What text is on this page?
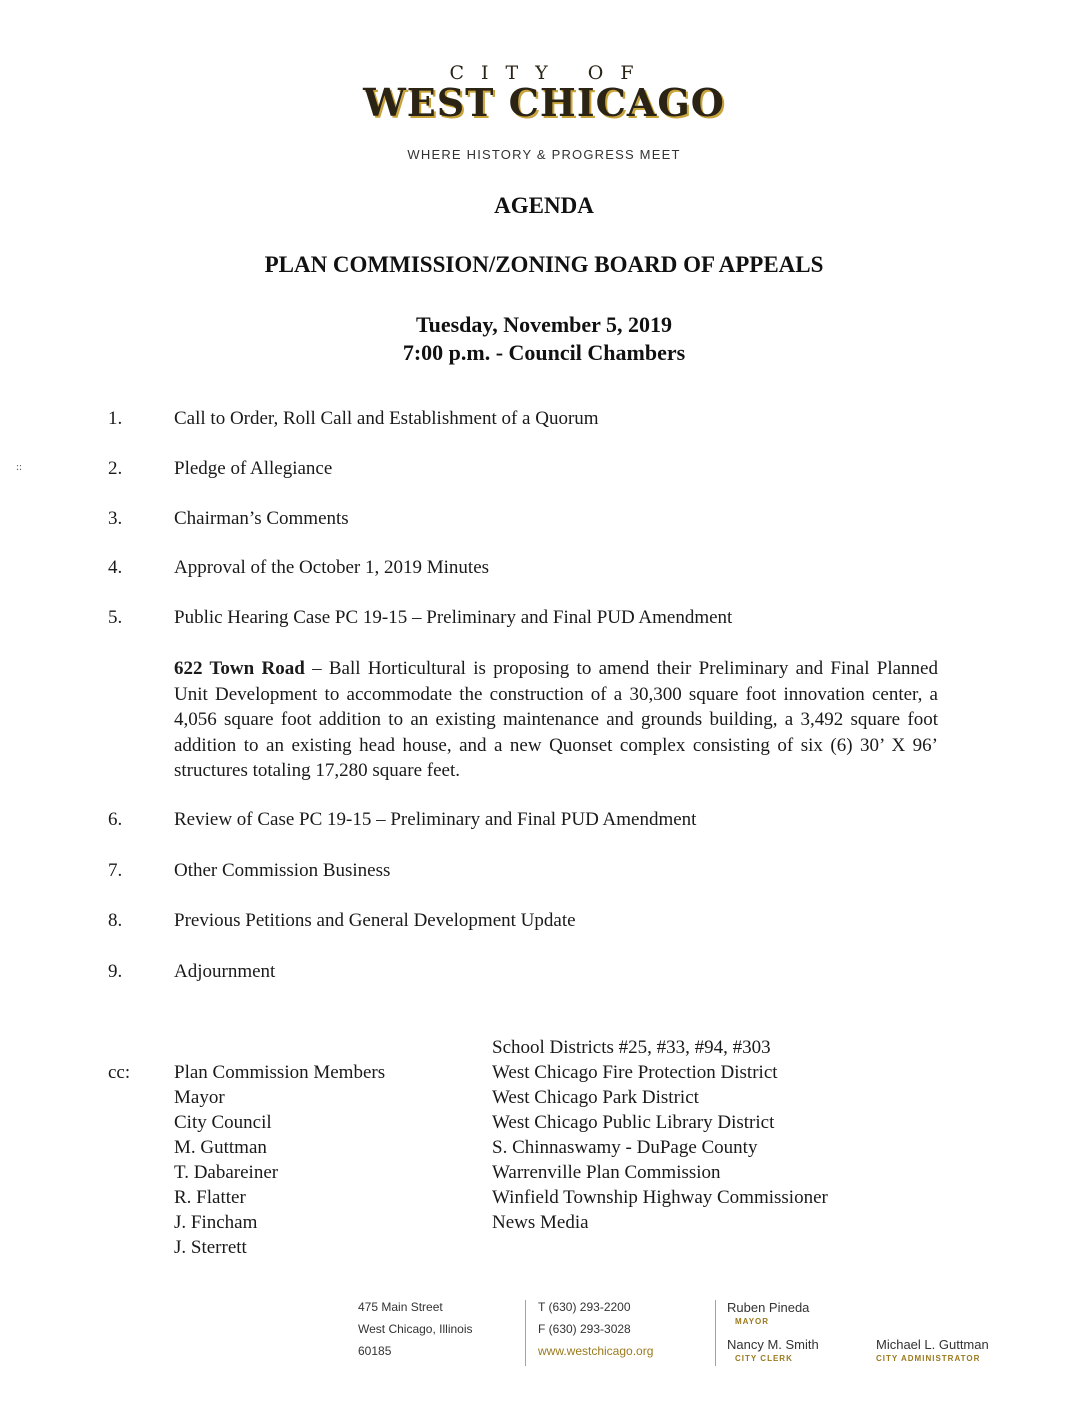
CITY OF
WEST CHICAGO
WHERE HISTORY & PROGRESS MEET
AGENDA
PLAN COMMISSION/ZONING BOARD OF APPEALS
Tuesday, November 5, 2019
7:00 p.m. - Council Chambers
::
1.	Call to Order, Roll Call and Establishment of a Quorum
2.	Pledge of Allegiance
3.	Chairman’s Comments
4.	Approval of the October 1, 2019 Minutes
5.	Public Hearing Case PC 19-15 – Preliminary and Final PUD Amendment
622 Town Road – Ball Horticultural is proposing to amend their Preliminary and Final Planned Unit Development to accommodate the construction of a 30,300 square foot innovation center, a 4,056 square foot addition to an existing maintenance and grounds building, a 3,492 square foot addition to an existing head house, and a new Quonset complex consisting of six (6) 30’ X 96’ structures totaling 17,280 square feet.
6.	Review of Case PC 19-15 – Preliminary and Final PUD Amendment
7.	Other Commission Business
8.	Previous Petitions and General Development Update
9.	Adjournment
cc: Plan Commission Members
Mayor
City Council
M. Guttman
T. Dabareiner
R. Flatter
J. Fincham
J. Sterrett
School Districts #25, #33, #94, #303
West Chicago Fire Protection District
West Chicago Park District
West Chicago Public Library District
S. Chinnaswamy - DuPage County
Warrenville Plan Commission
Winfield Township Highway Commissioner
News Media
475 Main Street
West Chicago, Illinois
60185
T (630) 293-2200
F (630) 293-3028
www.westchicago.org
Ruben Pineda
MAYOR
Nancy M. Smith
CITY CLERK
Michael L. Guttman
CITY ADMINISTRATOR
